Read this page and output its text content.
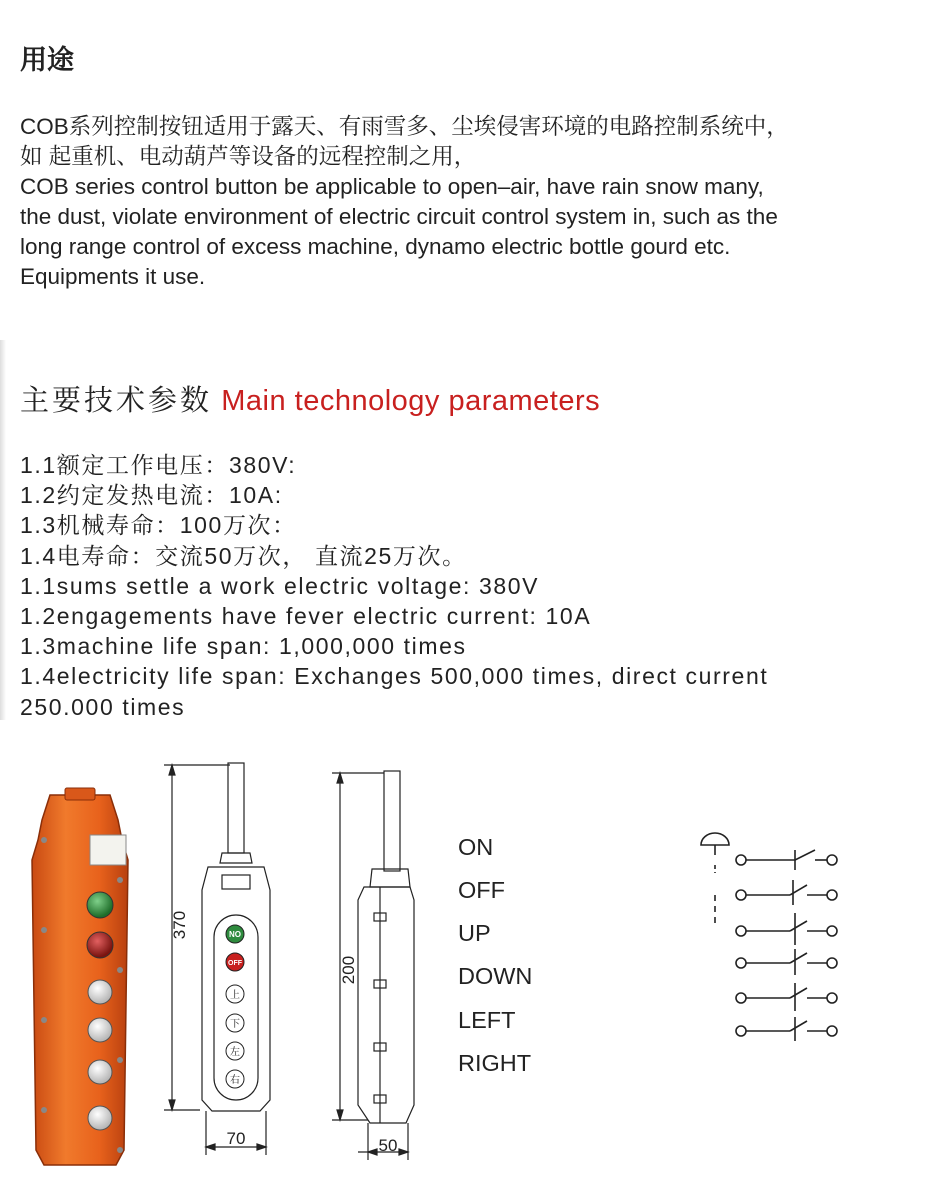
用途
COB系列控制按钮适用于露天、有雨雪多、尘埃侵害环境的电路控制系统中，
如 起重机、电动葫芦等设备的远程控制之用，
COB series control button be applicable to open–air, have rain snow many,
the dust, violate environment of electric circuit control system in, such as the
long range control of excess machine, dynamo electric bottle gourd etc.
Equipments it use.
主要技术参数 Main technology parameters
1.1额定工作电压：380V:
1.2约定发热电流：10A:
1.3机械寿命：100万次：
1.4电寿命：交流50万次， 直流25万次。
1.1sums settle a work electric voltage: 380V
1.2engagements have fever electric current: 10A
1.3machine life span: 1,000,000 times
1.4electricity life span: Exchanges 500,000 times, direct current
250.000 times
NO
OFF
上
下
左
右
370
70
200
50
ON
OFF
UP
DOWN
LEFT
RIGHT
